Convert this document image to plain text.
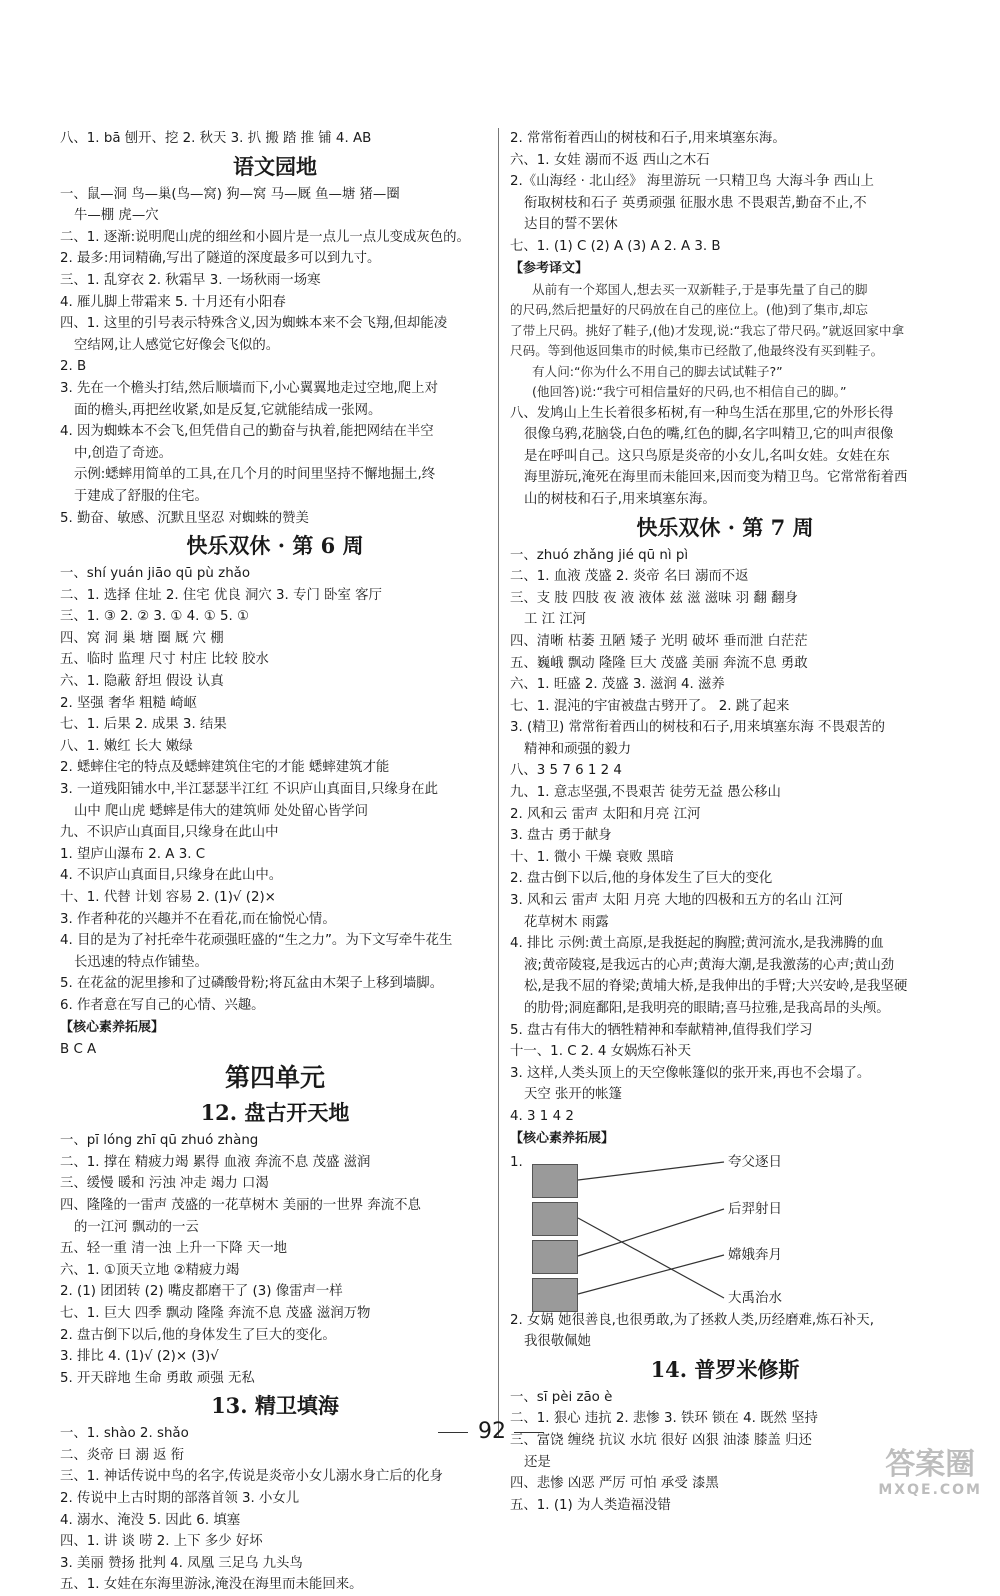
八、1. bā 刨开、挖 2. 秋天 3. 扒 搬 踏 推 铺 4. AB
语文园地
一、鼠—洞 鸟—巢(鸟—窝) 狗—窝 马—厩 鱼—塘 猪—圈
牛—棚 虎—穴
二、1. 逐渐:说明爬山虎的细丝和小圆片是一点儿一点儿变成灰色的。
2. 最多:用词精确,写出了隧道的深度最多可以到九寸。
三、1. 乱穿衣 2. 秋霜早 3. 一场秋雨一场寒
4. 雁儿脚上带霜来 5. 十月还有小阳春
四、1. 这里的引号表示特殊含义,因为蜘蛛本来不会飞翔,但却能凌
空结网,让人感觉它好像会飞似的。
2. B
3. 先在一个檐头打结,然后顺墙而下,小心翼翼地走过空地,爬上对
面的檐头,再把丝收紧,如是反复,它就能结成一张网。
4. 因为蜘蛛本不会飞,但凭借自己的勤奋与执着,能把网结在半空
中,创造了奇迹。
示例:蟋蟀用简单的工具,在几个月的时间里坚持不懈地掘土,终
于建成了舒服的住宅。
5. 勤奋、敏感、沉默且坚忍 对蜘蛛的赞美
快乐双休 · 第 6 周
一、shí yuán jiāo qū pù zhǎo
二、1. 选择 住址 2. 住宅 优良 洞穴 3. 专门 卧室 客厅
三、1. ③ 2. ② 3. ① 4. ① 5. ①
四、窝 洞 巢 塘 圈 厩 穴 棚
五、临时 监理 尺寸 村庄 比较 胶水
六、1. 隐蔽 舒坦 假设 认真
2. 坚强 奢华 粗糙 崎岖
七、1. 后果 2. 成果 3. 结果
八、1. 嫩红 长大 嫩绿
2. 蟋蟀住宅的特点及蟋蟀建筑住宅的才能 蟋蟀建筑才能
3. 一道残阳铺水中,半江瑟瑟半江红 不识庐山真面目,只缘身在此
山中 爬山虎 蟋蟀是伟大的建筑师 处处留心皆学问
九、不识庐山真面目,只缘身在此山中
1. 望庐山瀑布 2. A 3. C
4. 不识庐山真面目,只缘身在此山中。
十、1. 代替 计划 容易 2. (1)√ (2)×
3. 作者种花的兴趣并不在看花,而在愉悦心情。
4. 目的是为了衬托牵牛花顽强旺盛的“生之力”。为下文写牵牛花生
长迅速的特点作铺垫。
5. 在花盆的泥里掺和了过磷酸骨粉;将瓦盆由木架子上移到墙脚。
6. 作者意在写自己的心情、兴趣。
【核心素养拓展】
B C A
第四单元
12. 盘古开天地
一、pī lóng zhī qū zhuó zhàng
二、1. 撑在 精疲力竭 累得 血液 奔流不息 茂盛 滋润
三、缓慢 暖和 污浊 冲走 竭力 口渴
四、隆隆的一雷声 茂盛的一花草树木 美丽的一世界 奔流不息
的一江河 飘动的一云
五、轻一重 清一浊 上升一下降 天一地
六、1. ①顶天立地 ②精疲力竭
2. (1) 团团转 (2) 嘴皮都磨干了 (3) 像雷声一样
七、1. 巨大 四季 飘动 隆隆 奔流不息 茂盛 滋润万物
2. 盘古倒下以后,他的身体发生了巨大的变化。
3. 排比 4. (1)√ (2)× (3)√
5. 开天辟地 生命 勇敢 顽强 无私
13. 精卫填海
一、1. shào 2. shǎo
二、炎帝 曰 溺 返 衔
三、1. 神话传说中鸟的名字,传说是炎帝小女儿溺水身亡后的化身
2. 传说中上古时期的部落首领 3. 小女儿
4. 溺水、淹没 5. 因此 6. 填塞
四、1. 讲 谈 唠 2. 上下 多少 好坏
3. 美丽 赞扬 批判 4. 凤凰 三足乌 九头鸟
五、1. 女娃在东海里游泳,淹没在海里而未能回来。
2. 常常衔着西山的树枝和石子,用来填塞东海。
六、1. 女娃 溺而不返 西山之木石
2.《山海经 · 北山经》 海里游玩 一只精卫鸟 大海斗争 西山上
衔取树枝和石子 英勇顽强 征服水患 不畏艰苦,勤奋不止,不
达目的誓不罢休
七、1. (1) C (2) A (3) A 2. A 3. B
【参考译文】
从前有一个郑国人,想去买一双新鞋子,于是事先量了自己的脚
的尺码,然后把量好的尺码放在自己的座位上。(他)到了集市,却忘
了带上尺码。挑好了鞋子,(他)才发现,说:“我忘了带尺码。”就返回家中拿
尺码。等到他返回集市的时候,集市已经散了,他最终没有买到鞋子。
有人问:“你为什么不用自己的脚去试试鞋子?”
(他回答)说:“我宁可相信量好的尺码,也不相信自己的脚。”
八、发鸠山上生长着很多柘树,有一种鸟生活在那里,它的外形长得
很像乌鸦,花脑袋,白色的嘴,红色的脚,名字叫精卫,它的叫声很像
是在呼叫自己。这只鸟原是炎帝的小女儿,名叫女娃。女娃在东
海里游玩,淹死在海里而未能回来,因而变为精卫鸟。它常常衔着西
山的树枝和石子,用来填塞东海。
快乐双休 · 第 7 周
一、zhuó zhǎng jié qū nì pì
二、1. 血液 茂盛 2. 炎帝 名曰 溺而不返
三、支 肢 四肢 夜 液 液体 兹 滋 滋味 羽 翻 翻身
工 江 江河
四、清晰 枯萎 丑陋 矮子 光明 破坏 垂而泄 白茫茫
五、巍峨 飘动 隆隆 巨大 茂盛 美丽 奔流不息 勇敢
六、1. 旺盛 2. 茂盛 3. 滋润 4. 滋养
七、1. 混沌的宇宙被盘古劈开了。 2. 跳了起来
3. (精卫) 常常衔着西山的树枝和石子,用来填塞东海 不畏艰苦的
精神和顽强的毅力
八、3 5 7 6 1 2 4
九、1. 意志坚强,不畏艰苦 徒劳无益 愚公移山
2. 风和云 雷声 太阳和月亮 江河
3. 盘古 勇于献身
十、1. 微小 干燥 衰败 黑暗
2. 盘古倒下以后,他的身体发生了巨大的变化
3. 风和云 雷声 太阳 月亮 大地的四极和五方的名山 江河
花草树木 雨露
4. 排比 示例:黄土高原,是我挺起的胸膛;黄河流水,是我沸腾的血
液;黄帝陵寝,是我远古的心声;黄海大潮,是我激荡的心声;黄山劲
松,是我不屈的脊梁;黄埔大桥,是我伸出的手臂;大兴安岭,是我坚硬
的肋骨;洞庭鄱阳,是我明亮的眼睛;喜马拉雅,是我高昂的头颅。
5. 盘古有伟大的牺牲精神和奉献精神,值得我们学习
十一、1. C 2. 4 女娲炼石补天
3. 这样,人类头顶上的天空像帐篷似的张开来,再也不会塌了。
天空 张开的帐篷
4. 3 1 4 2
【核心素养拓展】
1.	夸父逐日
后羿射日
嫦娥奔月
大禹治水
2. 女娲 她很善良,也很勇敢,为了拯救人类,历经磨难,炼石补天,
我很敬佩她
14. 普罗米修斯
一、sī pèi zāo è
二、1. 狠心 违抗 2. 悲惨 3. 铁环 锁在 4. 既然 坚持
三、富饶 缠绕 抗议 水坑 很好 凶狠 油漆 膝盖 归还
还是
四、悲惨 凶恶 严厉 可怕 承受 漆黑
五、1. (1) 为人类造福没错
92
答案圈
MXQE.COM
